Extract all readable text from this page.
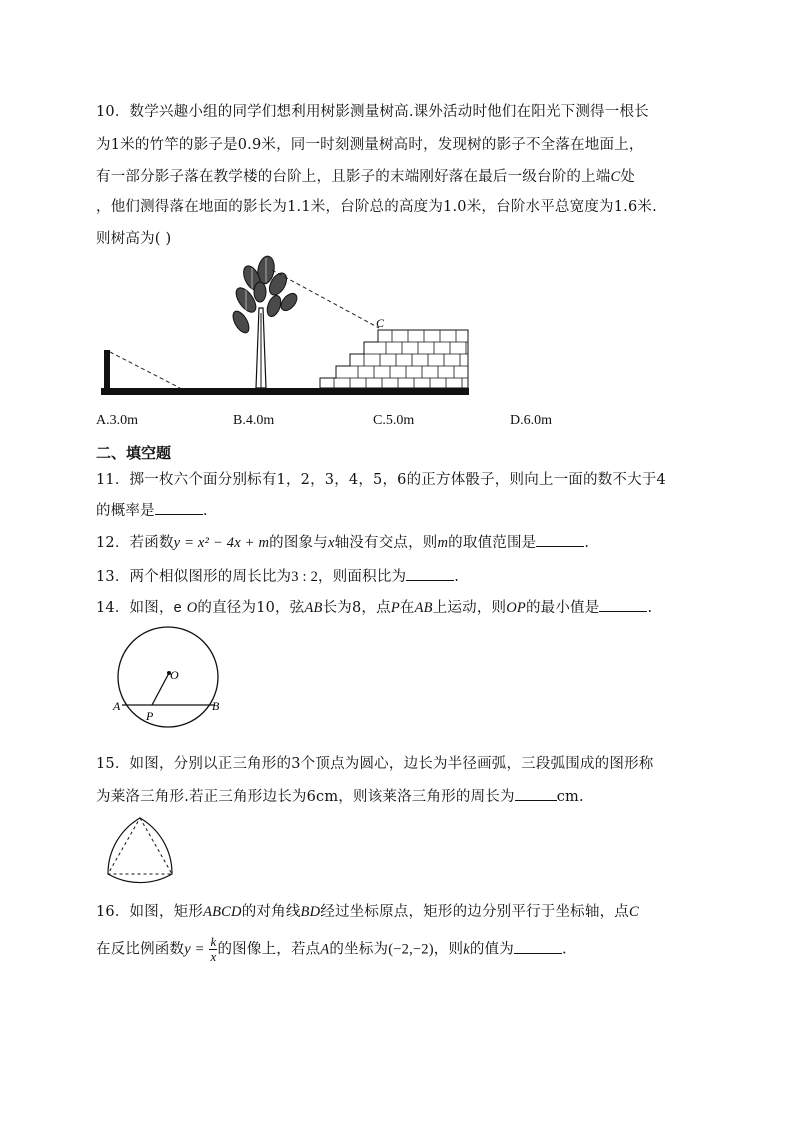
10．数学兴趣小组的同学们想利用树影测量树高.课外活动时他们在阳光下测得一根长
为1米的竹竿的影子是0.9米，同一时刻测量树高时，发现树的影子不全落在地面上，
有一部分影子落在教学楼的台阶上，且影子的末端刚好落在最后一级台阶的上端C处
，他们测得落在地面的影长为1.1米，台阶总的高度为1.0米，台阶水平总宽度为1.6米.
则树高为( )
C
A.3.0m	B.4.0m	C.5.0m	D.6.0m
二、填空题
11．掷一枚六个面分别标有1，2，3，4，5，6的正方体骰子，则向上一面的数不大于4
的概率是	.
12．若函数y = x² − 4x + m的图象与x轴没有交点，则m的取值范围是	.
13．两个相似图形的周长比为3 : 2，则面积比为	.
14．如图，e O的直径为10，弦AB长为8，点P在AB上运动，则OP的最小值是	.
O
A
P
B
15．如图，分别以正三角形的3个顶点为圆心，边长为半径画弧，三段弧围成的图形称
为莱洛三角形.若正三角形边长为6cm，则该莱洛三角形的周长为	cm.
16．如图，矩形ABCD的对角线BD经过坐标原点，矩形的边分别平行于坐标轴，点C
在反比例函数$y = \frac{k}{x}$ 的图像上，若点A的坐标为(−2,−2)，则k的值为	.
